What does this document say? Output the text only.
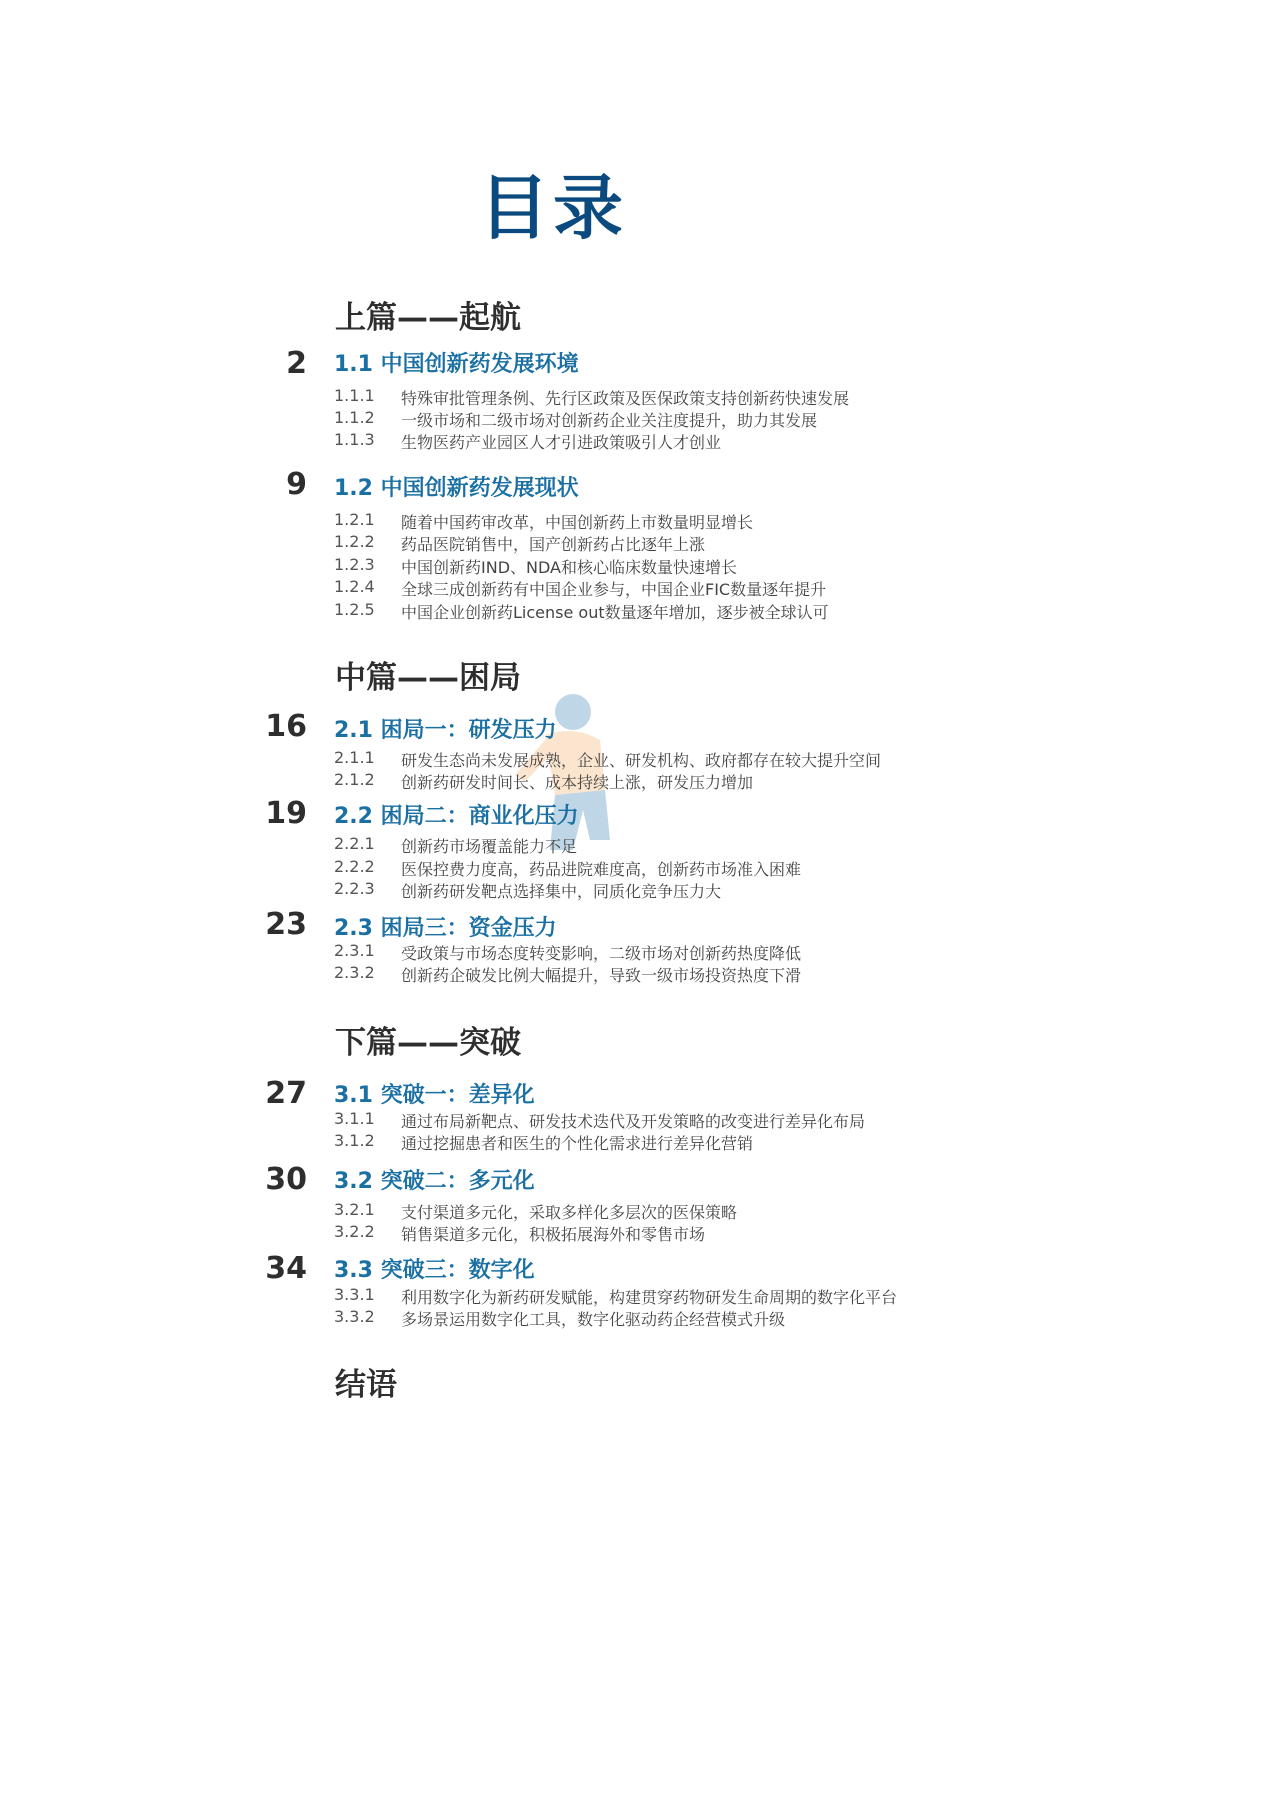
目录
上篇——起航
2 1.1 中国创新药发展环境
1.1.1 特殊审批管理条例、先行区政策及医保政策支持创新药快速发展
1.1.2 一级市场和二级市场对创新药企业关注度提升，助力其发展
1.1.3 生物医药产业园区人才引进政策吸引人才创业
9 1.2 中国创新药发展现状
1.2.1 随着中国药审改革，中国创新药上市数量明显增长
1.2.2 药品医院销售中，国产创新药占比逐年上涨
1.2.3 中国创新药IND、NDA和核心临床数量快速增长
1.2.4 全球三成创新药有中国企业参与，中国企业FIC数量逐年提升
1.2.5 中国企业创新药License out数量逐年增加，逐步被全球认可
中篇——困局
16 2.1 困局一：研发压力
2.1.1 研发生态尚未发展成熟，企业、研发机构、政府都存在较大提升空间
2.1.2 创新药研发时间长、成本持续上涨，研发压力增加
19 2.2 困局二：商业化压力
2.2.1 创新药市场覆盖能力不足
2.2.2 医保控费力度高，药品进院难度高，创新药市场准入困难
2.2.3 创新药研发靶点选择集中，同质化竞争压力大
23 2.3 困局三：资金压力
2.3.1 受政策与市场态度转变影响，二级市场对创新药热度降低
2.3.2 创新药企破发比例大幅提升，导致一级市场投资热度下滑
下篇——突破
27 3.1 突破一：差异化
3.1.1 通过布局新靶点、研发技术迭代及开发策略的改变进行差异化布局
3.1.2 通过挖掘患者和医生的个性化需求进行差异化营销
30 3.2 突破二：多元化
3.2.1 支付渠道多元化，采取多样化多层次的医保策略
3.2.2 销售渠道多元化，积极拓展海外和零售市场
34 3.3 突破三：数字化
3.3.1 利用数字化为新药研发赋能，构建贯穿药物研发生命周期的数字化平台
3.3.2 多场景运用数字化工具，数字化驱动药企经营模式升级
结语
